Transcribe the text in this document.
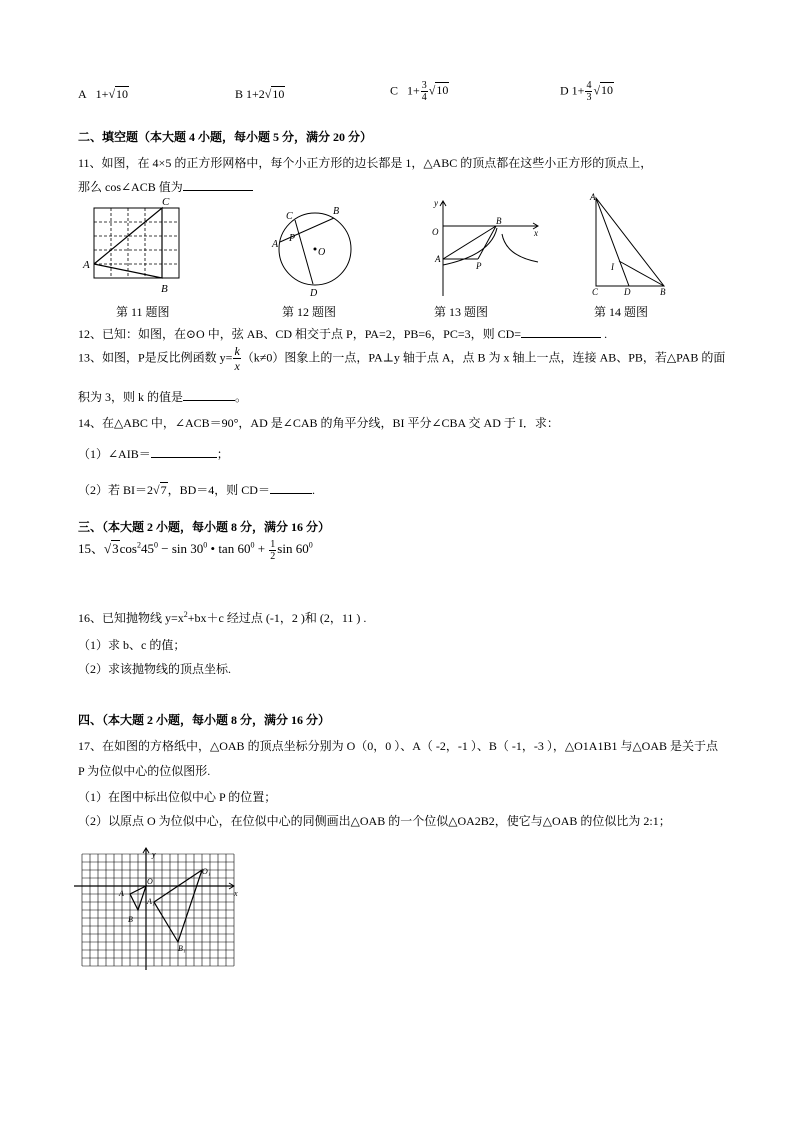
A 1+√10	B 1+2√10	C $1+ \frac{3}{4} √10$	D $1+ \frac{4}{3} √10$
二、填空题（本大题 4 小题，每小题 5 分，满分 20 分）
11、如图，在 4×5 的正方形网格中，每个小正方形的边长都是 1，△ABC 的顶点都在这些小正方形的顶点上，
那么 cos∠ACB 值为
A
B
C
A
B
C
D
P
O
y
x
O
A
B
P
A
C	D	B
I
第 11 题图	第 12 题图	第 13 题图	第 14 题图
12、已知：如图，在⊙O 中，弦 AB、CD 相交于点 P，PA=2，PB=6，PC=3，则 CD=	.
13、如图，P是反比例函数 $y= \frac{k}{x} (k\ne 0)$图象上的一点，PA⊥y 轴于点 A，点 B 为 x 轴上一点，连接 AB、PB，若△PAB 的面
积为 3，则 k 的值是	。
14、在△ABC 中，∠ACB＝90°，AD 是∠CAB 的角平分线，BI 平分∠CBA 交 AD 于 I．求：
（1）∠AIB＝	；
（2）若 BI＝2√7，BD＝4，则 CD＝	.
三、（本大题 2 小题，每小题 8 分，满分 16 分）
15、$√3\cos^245^0 - \sin 30^0$ • $\tan 60^0 + \frac{1}{2}$ $\sin 60^0$
16、已知抛物线 $y=x^2+bx+c$ 经过点 (-1，2 )和 (2，11 ) .
（1）求 b、c 的值；
（2）求该抛物线的顶点坐标.
四、（本大题 2 小题，每小题 8 分，满分 16 分）
17、在如图的方格纸中，△OAB 的顶点坐标分别为 O（0，0 ）、A（ -2，-1 ）、B（ -1，-3 ），△O1A1B1 与△OAB 是关于点
P 为位似中心的位似图形.
（1）在图中标出位似中心 P 的位置；
（2）以原点 O 为位似中心，在位似中心的同侧画出△OAB 的一个位似△OA2B2，使它与△OAB 的位似比为 2:1；
y
x
O
A
B
A₁
B₁
O₁
